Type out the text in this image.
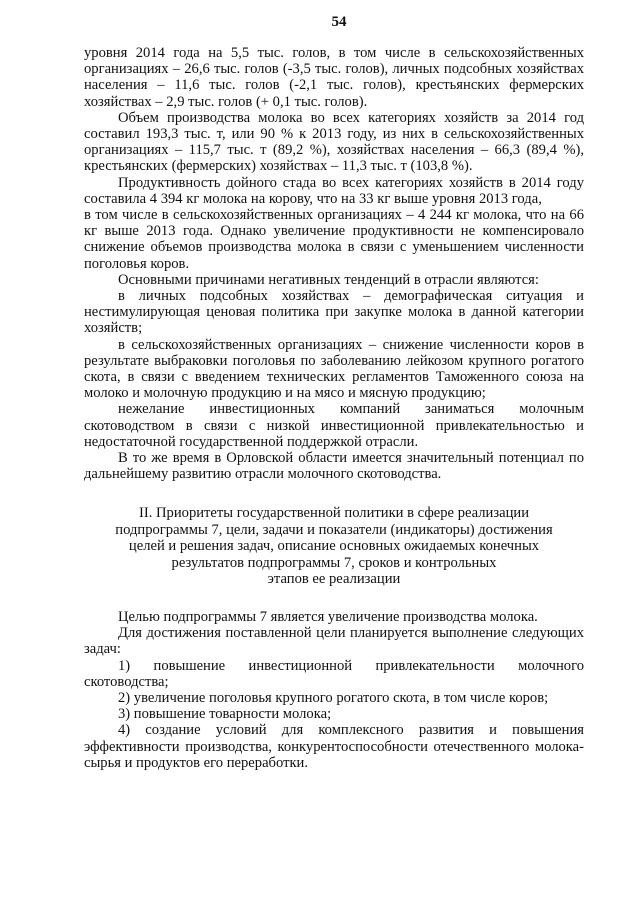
54

уровня 2014 года на 5,5 тыс. голов, в том числе в сельскохозяйственных организациях – 26,6 тыс. голов (-3,5 тыс. голов), личных подсобных хозяйствах населения – 11,6 тыс. голов (-2,1 тыс. голов), крестьянских фермерских хозяйствах – 2,9 тыс. голов (+ 0,1 тыс. голов).

Объем производства молока во всех категориях хозяйств за 2014 год составил 193,3 тыс. т, или 90 % к 2013 году, из них в сельскохозяйственных организациях – 115,7 тыс. т (89,2 %), хозяйствах населения – 66,3 (89,4 %), крестьянских (фермерских) хозяйствах – 11,3 тыс. т (103,8 %).

Продуктивность дойного стада во всех категориях хозяйств в 2014 году составила 4 394 кг молока на корову, что на 33 кг выше уровня 2013 года,

в том числе в сельскохозяйственных организациях – 4 244 кг молока, что на 66 кг выше 2013 года. Однако увеличение продуктивности не компенсировало снижение объемов производства молока в связи с уменьшением численности поголовья коров.

Основными причинами негативных тенденций в отрасли являются:

в личных подсобных хозяйствах – демографическая ситуация и нестимулирующая ценовая политика при закупке молока в данной категории хозяйств;

в сельскохозяйственных организациях – снижение численности коров в результате выбраковки поголовья по заболеванию лейкозом крупного рогатого скота, в связи с введением технических регламентов Таможенного союза на молоко и молочную продукцию и на мясо и мясную продукцию;

нежелание инвестиционных компаний заниматься молочным скотоводством в связи с низкой инвестиционной привлекательностью и недостаточной государственной поддержкой отрасли.

В то же время в Орловской области имеется значительный потенциал по дальнейшему развитию отрасли молочного скотоводства.

II. Приоритеты государственной политики в сфере реализации

подпрограммы 7, цели, задачи и показатели (индикаторы) достижения

целей и решения задач, описание основных ожидаемых конечных

результатов подпрограммы 7, сроков и контрольных

этапов ее реализации

Целью подпрограммы 7 является увеличение производства молока.

Для достижения поставленной цели планируется выполнение следующих задач:

1) повышение инвестиционной привлекательности молочного скотоводства;

2) увеличение поголовья крупного рогатого скота, в том числе коров;

3) повышение товарности молока;

4) создание условий для комплексного развития и повышения эффективности производства, конкурентоспособности отечественного молока-сырья и продуктов его переработки.
